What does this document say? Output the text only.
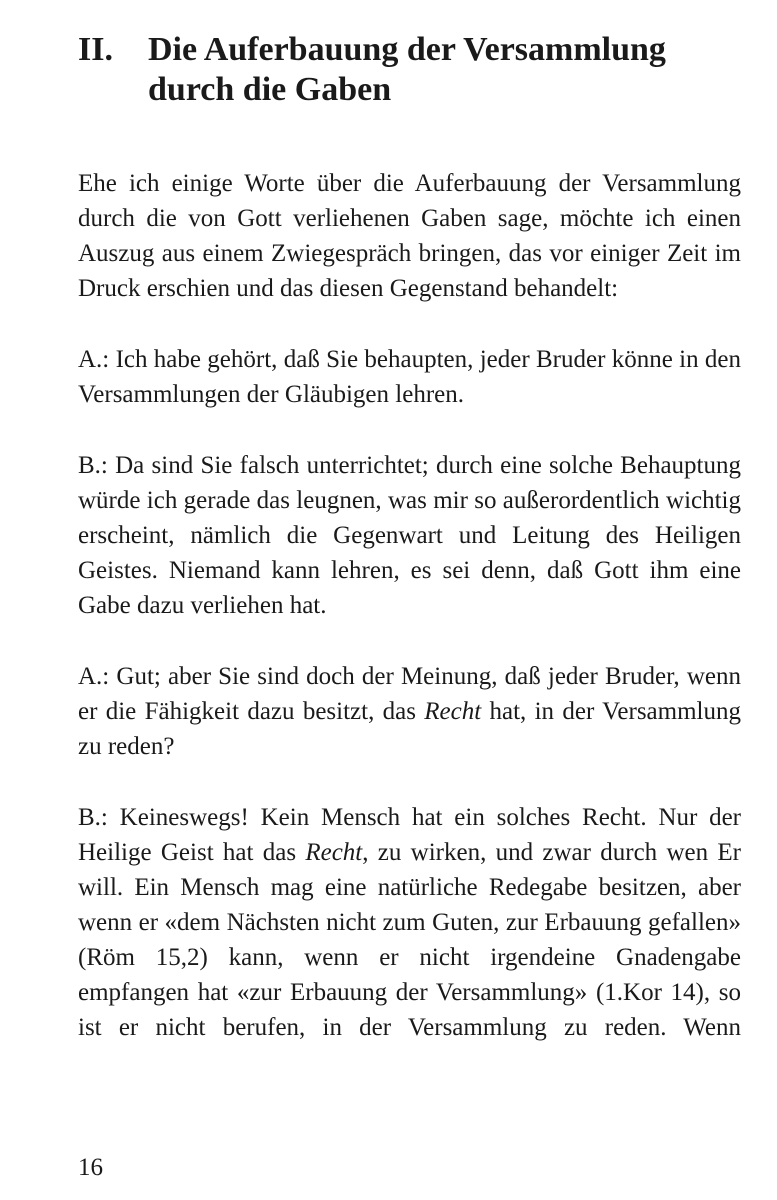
II.	Die Auferbauung der Versammlung durch die Gaben

Ehe ich einige Worte über die Auferbauung der Versammlung durch die von Gott verliehenen Gaben sage, möchte ich einen Auszug aus einem Zwiegespräch bringen, das vor einiger Zeit im Druck erschien und das diesen Gegenstand behandelt:

A.: Ich habe gehört, daß Sie behaupten, jeder Bruder könne in den Versammlungen der Gläubigen lehren.

B.: Da sind Sie falsch unterrichtet; durch eine solche Behauptung würde ich gerade das leugnen, was mir so außerordentlich wichtig erscheint, nämlich die Gegenwart und Leitung des Heiligen Geistes. Niemand kann lehren, es sei denn, daß Gott ihm eine Gabe dazu verliehen hat.

A.: Gut; aber Sie sind doch der Meinung, daß jeder Bruder, wenn er die Fähigkeit dazu besitzt, das Recht hat, in der Versammlung zu reden?

B.: Keineswegs! Kein Mensch hat ein solches Recht. Nur der Heilige Geist hat das Recht, zu wirken, und zwar durch wen Er will. Ein Mensch mag eine natürliche Redegabe besitzen, aber wenn er «dem Nächsten nicht zum Guten, zur Erbauung gefallen» (Röm 15,2) kann, wenn er nicht irgendeine Gnadengabe empfangen hat «zur Erbauung der Versammlung» (1.Kor 14), so ist er nicht berufen, in der Versammlung zu reden. Wenn

16
